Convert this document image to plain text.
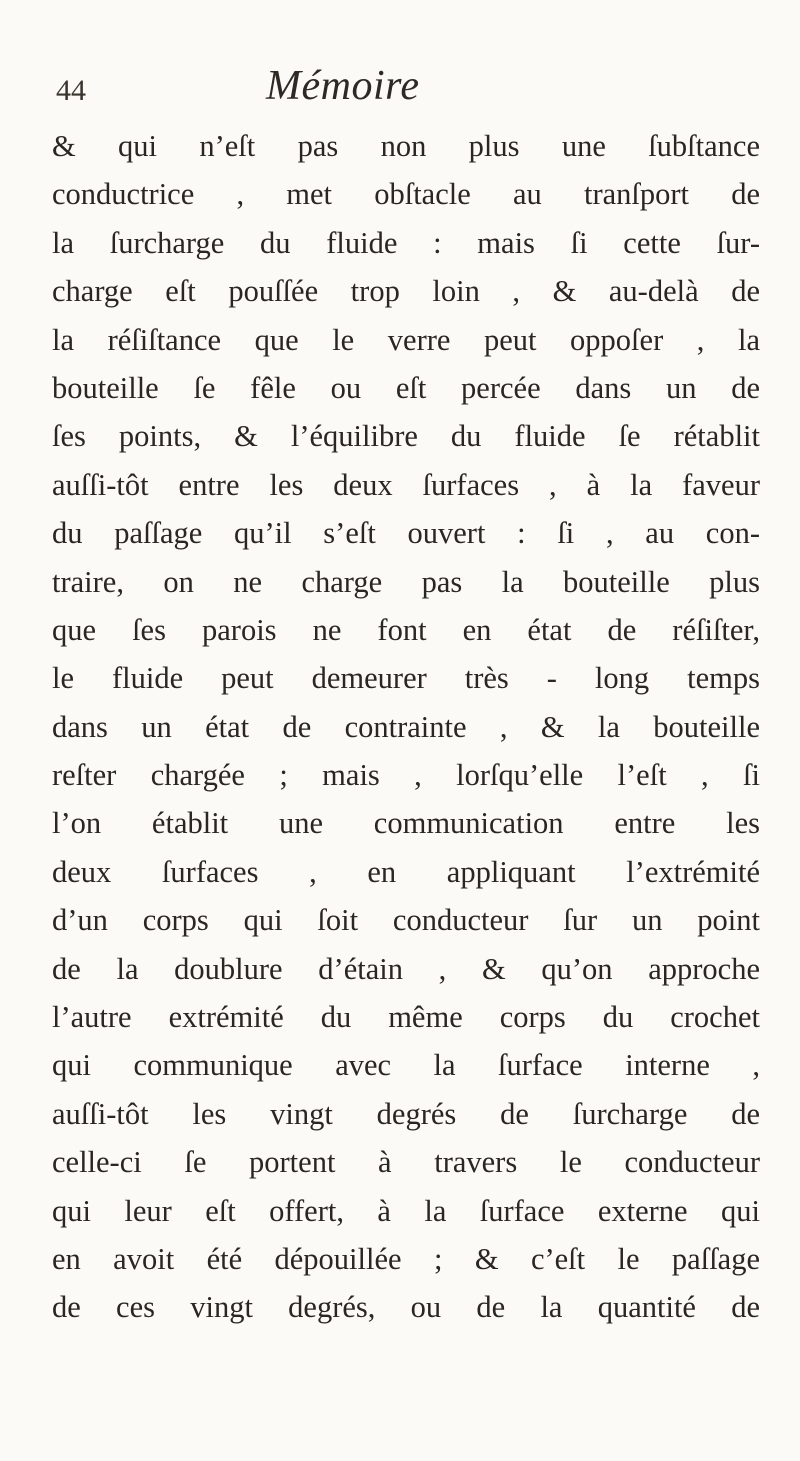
44	Mémoire
& qui n’eſt pas non plus une ſubſtance
conductrice , met obſtacle au tranſport de
la ſurcharge du fluide : mais ſi cette ſur-
charge eſt pouſſée trop loin , & au-delà de
la réſiſtance que le verre peut oppoſer , la
bouteille ſe fêle ou eſt percée dans un de
ſes points, & l’équilibre du fluide ſe rétablit
auſſi-tôt entre les deux ſurfaces , à la faveur
du paſſage qu’il s’eſt ouvert : ſi , au con-
traire, on ne charge pas la bouteille plus
que ſes parois ne font en état de réſiſter,
le fluide peut demeurer très - long temps
dans un état de contrainte , & la bouteille
reſter chargée ; mais , lorſqu’elle l’eſt , ſi
l’on établit une communication entre les
deux ſurfaces , en appliquant l’extrémité
d’un corps qui ſoit conducteur ſur un point
de la doublure d’étain , & qu’on approche
l’autre extrémité du même corps du crochet
qui communique avec la ſurface interne ,
auſſi-tôt les vingt degrés de ſurcharge de
celle-ci ſe portent à travers le conducteur
qui leur eſt offert, à la ſurface externe qui
en avoit été dépouillée ; & c’eſt le paſſage
de ces vingt degrés, ou de la quantité de
